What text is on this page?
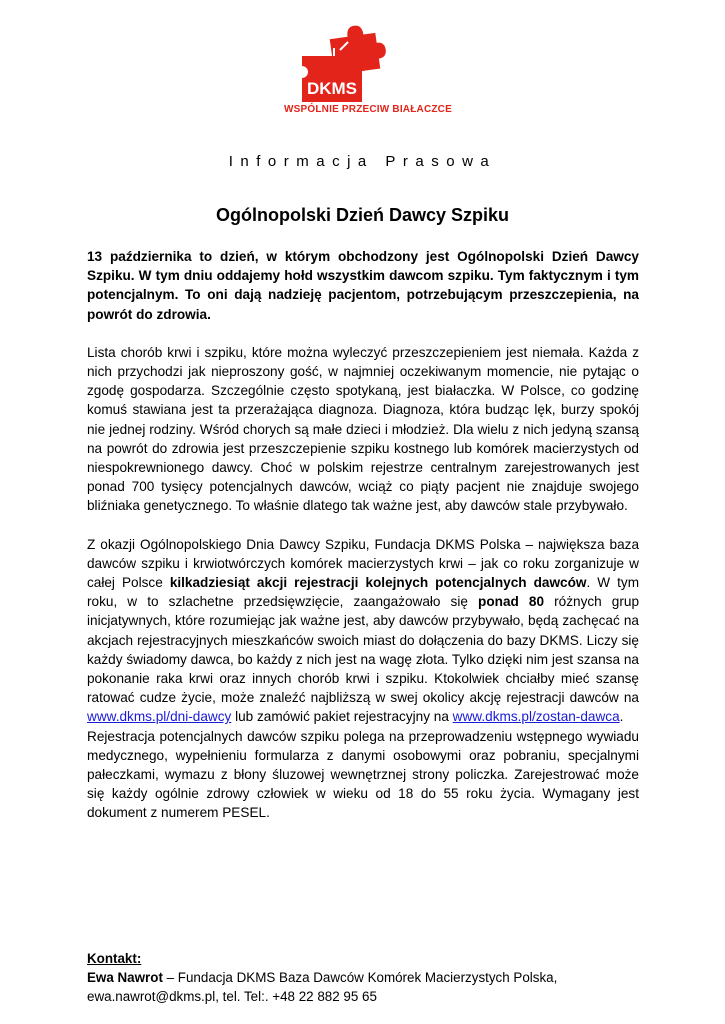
DKMS
WSPÓLNIE PRZECIW BIAŁACZCE
Informacja Prasowa
Ogólnopolski Dzień Dawcy Szpiku

13 października to dzień, w którym obchodzony jest Ogólnopolski Dzień Dawcy Szpiku. W tym dniu oddajemy hołd wszystkim dawcom szpiku. Tym faktycznym i tym potencjalnym. To oni dają nadzieję pacjentom, potrzebującym przeszczepienia, na powrót do zdrowia.

Lista chorób krwi i szpiku, które można wyleczyć przeszczepieniem jest niemała. Każda z nich przychodzi jak nieproszony gość, w najmniej oczekiwanym momencie, nie pytając o zgodę gospodarza. Szczególnie często spotykaną, jest białaczka. W Polsce, co godzinę komuś stawiana jest ta przerażająca diagnoza. Diagnoza, która budząc lęk, burzy spokój nie jednej rodziny. Wśród chorych są małe dzieci i młodzież. Dla wielu z nich jedyną szansą na powrót do zdrowia jest przeszczepienie szpiku kostnego lub komórek macierzystych od niespokrewnionego dawcy. Choć w polskim rejestrze centralnym zarejestrowanych jest ponad 700 tysięcy potencjalnych dawców, wciąż co piąty pacjent nie znajduje swojego bliźniaka genetycznego. To właśnie dlatego tak ważne jest, aby dawców stale przybywało.

Z okazji Ogólnopolskiego Dnia Dawcy Szpiku, Fundacja DKMS Polska – największa baza dawców szpiku i krwiotwórczych komórek macierzystych krwi – jak co roku zorganizuje w całej Polsce kilkadziesiąt akcji rejestracji kolejnych potencjalnych dawców. W tym roku, w to szlachetne przedsięwzięcie, zaangażowało się ponad 80 różnych grup inicjatywnych, które rozumiejąc jak ważne jest, aby dawców przybywało, będą zachęcać na akcjach rejestracyjnych mieszkańców swoich miast do dołączenia do bazy DKMS. Liczy się każdy świadomy dawca, bo każdy z nich jest na wagę złota. Tylko dzięki nim jest szansa na pokonanie raka krwi oraz innych chorób krwi i szpiku. Ktokolwiek chciałby mieć szansę ratować cudze życie, może znaleźć najbliższą w swej okolicy akcję rejestracji dawców na www.dkms.pl/dni-dawcy lub zamówić pakiet rejestracyjny na www.dkms.pl/zostan-dawca.

Rejestracja potencjalnych dawców szpiku polega na przeprowadzeniu wstępnego wywiadu medycznego, wypełnieniu formularza z danymi osobowymi oraz pobraniu, specjalnymi pałeczkami, wymazu z błony śluzowej wewnętrznej strony policzka. Zarejestrować może się każdy ogólnie zdrowy człowiek w wieku od 18 do 55 roku życia. Wymagany jest dokument z numerem PESEL.

Kontakt:
Ewa Nawrot – Fundacja DKMS Baza Dawców Komórek Macierzystych Polska,
ewa.nawrot@dkms.pl, tel. Tel:. +48 22 882 95 65
